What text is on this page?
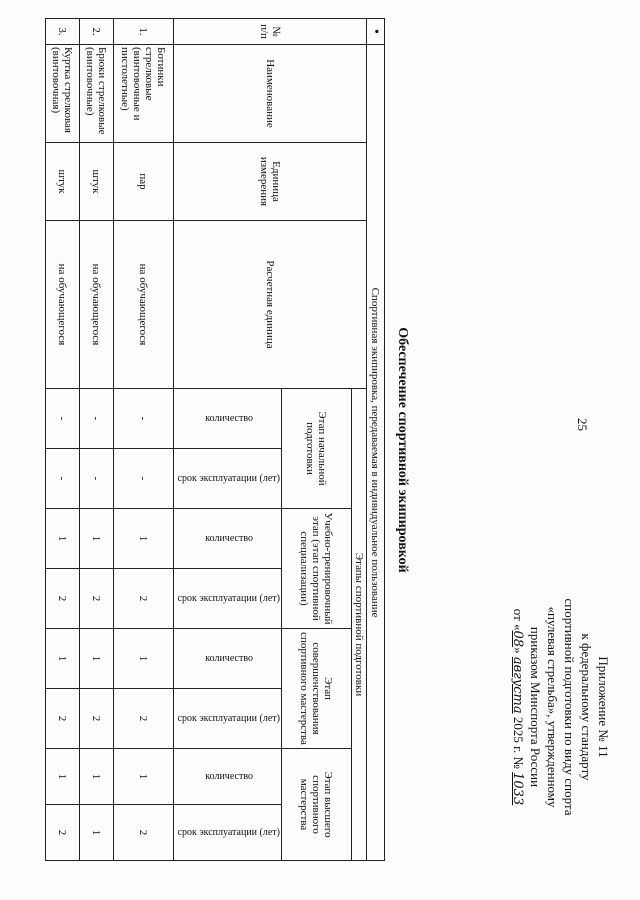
25
Приложение № 11
к федеральному стандарту
спортивной подготовки по виду спорта
«пулевая стрельба», утвержденному
приказом Минспорта России
от «08» августа 2025 г. № 1033
Обеспечение спортивной экипировкой
•	Спортивная экипировка, передаваемая в индивидуальное пользование										
№ п/п	Наименование	Единица измерения	Расчетная единица	Этапы спортивной подготовки							
				Этап начальной подготовки		Учебно-тренировочный этап (этап спортивной специализации)		Этап совершенствования спортивного мастерства		Этап высшего спортивного мастерства	
				количество	срок эксплуатации (лет)	количество	срок эксплуатации (лет)	количество	срок эксплуатации (лет)	количество	срок эксплуатации (лет)

1.	Ботинки стрелковые (винтовочные и пистолетные)	пар	на обучающегося	-	-	1	2	1	2	1	2
2.	Брюки стрелковые (винтовочные)	штук	на обучающегося	-	-	1	2	1	2	1	1
3.	Куртка стрелковая (винтовочная)	штук	на обучающегося	-	-	1	2	1	2	1	2
